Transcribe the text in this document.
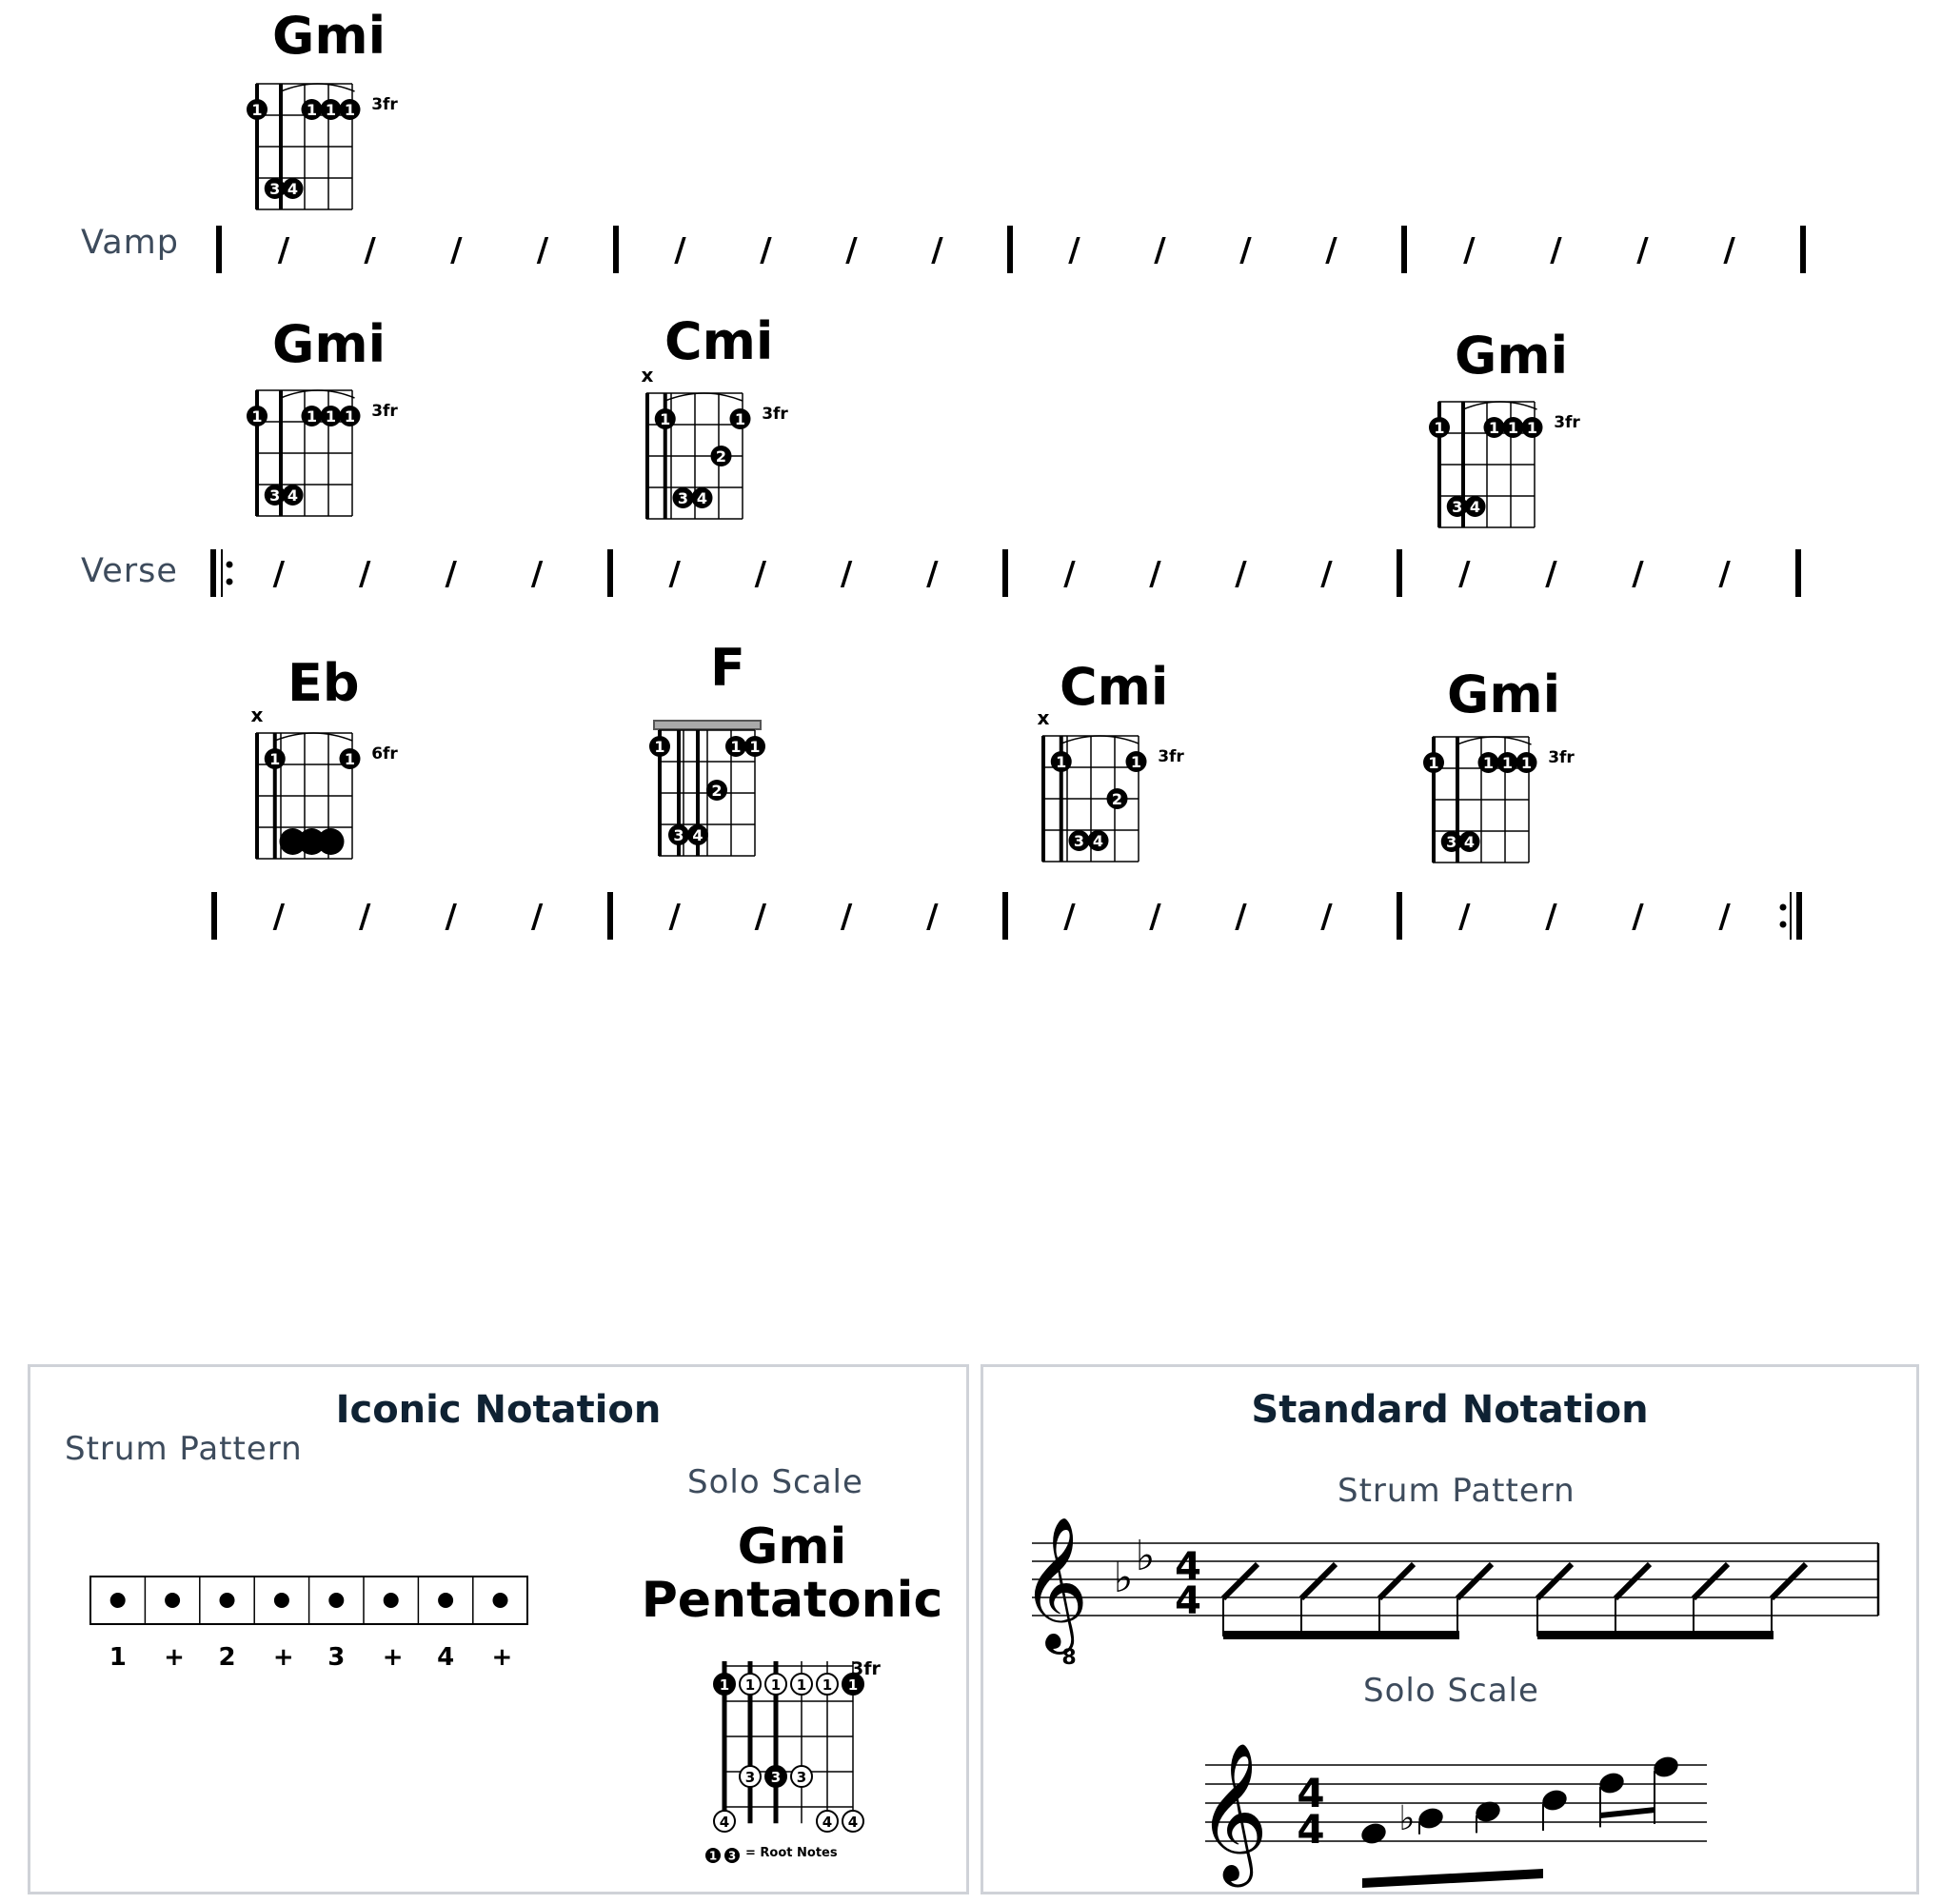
Vamp
Verse
Gmi
Gmi	Cmi	Gmi
Eb	F	Cmi	Gmi
1	1 1 1
3 4
3fr
1	1 1 1
3 4
3fr	1	1
2
3 4
3fr
x
1	1 1 1
3 4
3fr
1	1 6fr
x
1	1 1
2
3 4
1	1
2
3 4
3fr
x
1	1 1 1
3 4
3fr
/ / / /	/ / / /	/ / / /	/ / / /
/ / / /	/ / / /	/ / / /	/ / / /
/ / / /	/ / / /	/ / / /	/ / / /
Iconic Notation
Strum Pattern
Solo Scale
Gmi
Pentatonic
1 + 2 + 3 + 4 +
1 1 1 1 1 1
3 3 3
4	4 4
3fr
1 3 = Root Notes
Standard Notation
Strum Pattern
Solo Scale
𝄞
8
♭ ♭ 4
4
𝄞 4
4 ♭
